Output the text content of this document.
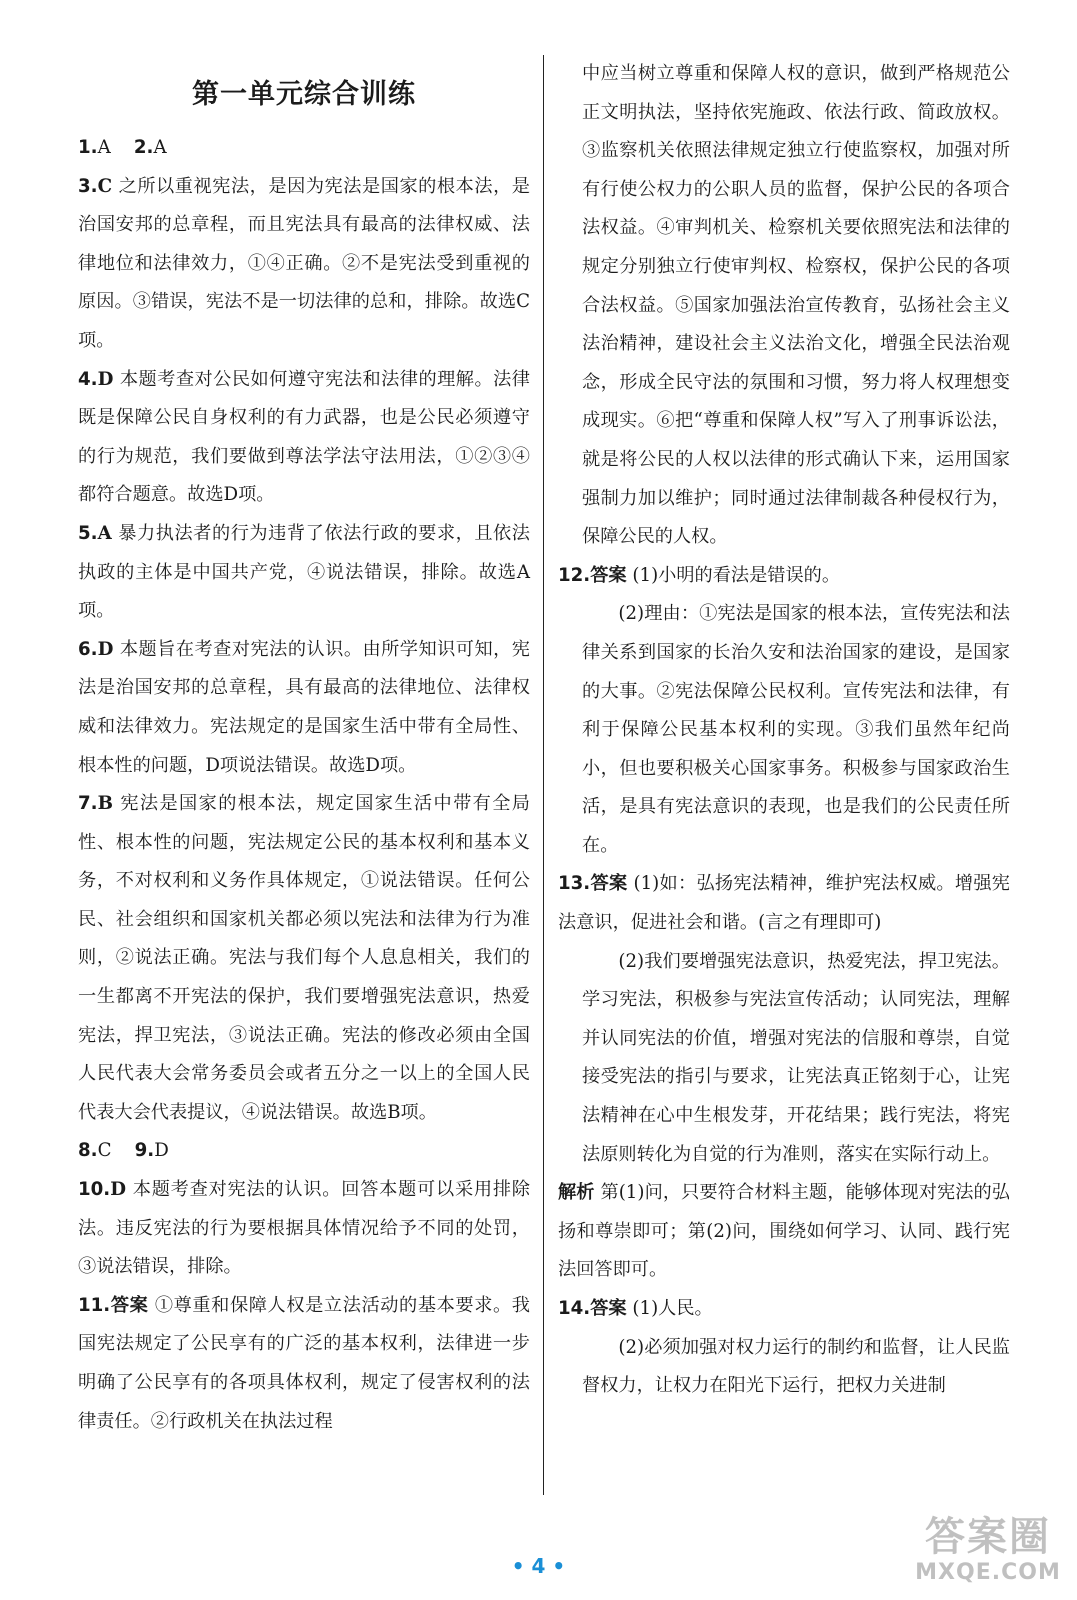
第一单元综合训练
1.A 2.A
3.C 之所以重视宪法，是因为宪法是国家的根本法，是治国安邦的总章程，而且宪法具有最高的法律权威、法律地位和法律效力，①④正确。②不是宪法受到重视的原因。③错误，宪法不是一切法律的总和，排除。故选C项。
4.D 本题考查对公民如何遵守宪法和法律的理解。法律既是保障公民自身权利的有力武器，也是公民必须遵守的行为规范，我们要做到尊法学法守法用法，①②③④都符合题意。故选D项。
5.A 暴力执法者的行为违背了依法行政的要求，且依法执政的主体是中国共产党，④说法错误，排除。故选A项。
6.D 本题旨在考查对宪法的认识。由所学知识可知，宪法是治国安邦的总章程，具有最高的法律地位、法律权威和法律效力。宪法规定的是国家生活中带有全局性、根本性的问题，D项说法错误。故选D项。
7.B 宪法是国家的根本法，规定国家生活中带有全局性、根本性的问题，宪法规定公民的基本权利和基本义务，不对权利和义务作具体规定，①说法错误。任何公民、社会组织和国家机关都必须以宪法和法律为行为准则，②说法正确。宪法与我们每个人息息相关，我们的一生都离不开宪法的保护，我们要增强宪法意识，热爱宪法，捍卫宪法，③说法正确。宪法的修改必须由全国人民代表大会常务委员会或者五分之一以上的全国人民代表大会代表提议，④说法错误。故选B项。
8.C 9.D
10.D 本题考查对宪法的认识。回答本题可以采用排除法。违反宪法的行为要根据具体情况给予不同的处罚，③说法错误，排除。
11.答案 ①尊重和保障人权是立法活动的基本要求。我国宪法规定了公民享有的广泛的基本权利，法律进一步明确了公民享有的各项具体权利，规定了侵害权利的法律责任。②行政机关在执法过程
中应当树立尊重和保障人权的意识，做到严格规范公正文明执法，坚持依宪施政、依法行政、简政放权。③监察机关依照法律规定独立行使监察权，加强对所有行使公权力的公职人员的监督，保护公民的各项合法权益。④审判机关、检察机关要依照宪法和法律的规定分别独立行使审判权、检察权，保护公民的各项合法权益。⑤国家加强法治宣传教育，弘扬社会主义法治精神，建设社会主义法治文化，增强全民法治观念，形成全民守法的氛围和习惯，努力将人权理想变成现实。⑥把“尊重和保障人权”写入了刑事诉讼法，就是将公民的人权以法律的形式确认下来，运用国家强制力加以维护；同时通过法律制裁各种侵权行为，保障公民的人权。
12.答案 (1)小明的看法是错误的。
(2)理由：①宪法是国家的根本法，宣传宪法和法律关系到国家的长治久安和法治国家的建设，是国家的大事。②宪法保障公民权利。宣传宪法和法律，有利于保障公民基本权利的实现。③我们虽然年纪尚小，但也要积极关心国家事务。积极参与国家政治生活，是具有宪法意识的表现，也是我们的公民责任所在。
13.答案 (1)如：弘扬宪法精神，维护宪法权威。增强宪法意识，促进社会和谐。(言之有理即可)
(2)我们要增强宪法意识，热爱宪法，捍卫宪法。学习宪法，积极参与宪法宣传活动；认同宪法，理解并认同宪法的价值，增强对宪法的信服和尊崇，自觉接受宪法的指引与要求，让宪法真正铭刻于心，让宪法精神在心中生根发芽，开花结果；践行宪法，将宪法原则转化为自觉的行为准则，落实在实际行动上。
解析 第(1)问，只要符合材料主题，能够体现对宪法的弘扬和尊崇即可；第(2)问，围绕如何学习、认同、践行宪法回答即可。
14.答案 (1)人民。
(2)必须加强对权力运行的制约和监督，让人民监督权力，让权力在阳光下运行，把权力关进制
• 4 •
答案圈
MXQE.COM
